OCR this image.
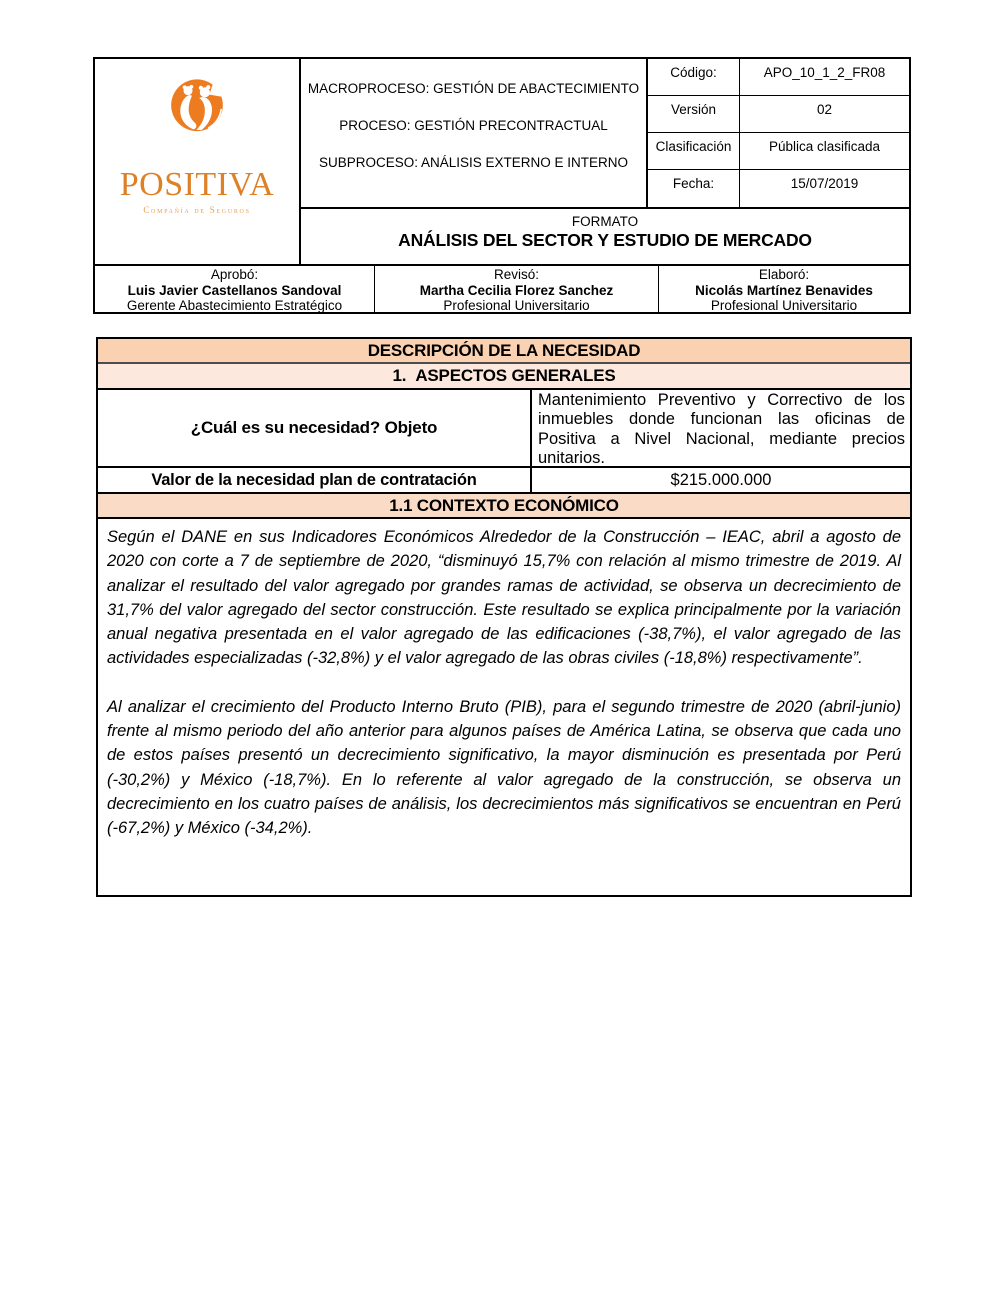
POSITIVA
Compañía de Seguros
MACROPROCESO: GESTIÓN DE ABACTECIMIENTO
PROCESO: GESTIÓN PRECONTRACTUAL
SUBPROCESO: ANÁLISIS EXTERNO E INTERNO
Código:	APO_10_1_2_FR08
Versión	02
Clasificación	Pública clasificada
Fecha:	15/07/2019
FORMATO
ANÁLISIS DEL SECTOR Y ESTUDIO DE MERCADO
Aprobó:
Luis Javier Castellanos Sandoval
Gerente Abastecimiento Estratégico
Revisó:
Martha Cecilia Florez Sanchez
Profesional Universitario
Elaboró:
Nicolás Martínez Benavides
Profesional Universitario
DESCRIPCIÓN DE LA NECESIDAD
1.  ASPECTOS GENERALES
¿Cuál es su necesidad? Objeto
Mantenimiento Preventivo y Correctivo de los inmuebles donde funcionan las oficinas de Positiva a Nivel Nacional, mediante precios unitarios.
Valor de la necesidad plan de contratación	$215.000.000
1.1 CONTEXTO ECONÓMICO

Según el DANE en sus Indicadores Económicos Alrededor de la Construcción – IEAC, abril a agosto de 2020 con corte a 7 de septiembre de 2020, “disminuyó 15,7% con relación al mismo trimestre de 2019. Al analizar el resultado del valor agregado por grandes ramas de actividad, se observa un decrecimiento de 31,7% del valor agregado del sector construcción. Este resultado se explica principalmente por la variación anual negativa presentada en el valor agregado de las edificaciones (-38,7%), el valor agregado de las actividades especializadas (-32,8%) y el valor agregado de las obras civiles (-18,8%) respectivamente”.

Al analizar el crecimiento del Producto Interno Bruto (PIB), para el segundo trimestre de 2020 (abril-junio) frente al mismo periodo del año anterior para algunos países de América Latina, se observa que cada uno de estos países presentó un decrecimiento significativo, la mayor disminución es presentada por Perú (-30,2%) y México (-18,7%). En lo referente al valor agregado de la construcción, se observa un decrecimiento en los cuatro países de análisis, los decrecimientos más significativos se encuentran en Perú (-67,2%) y México (-34,2%).
